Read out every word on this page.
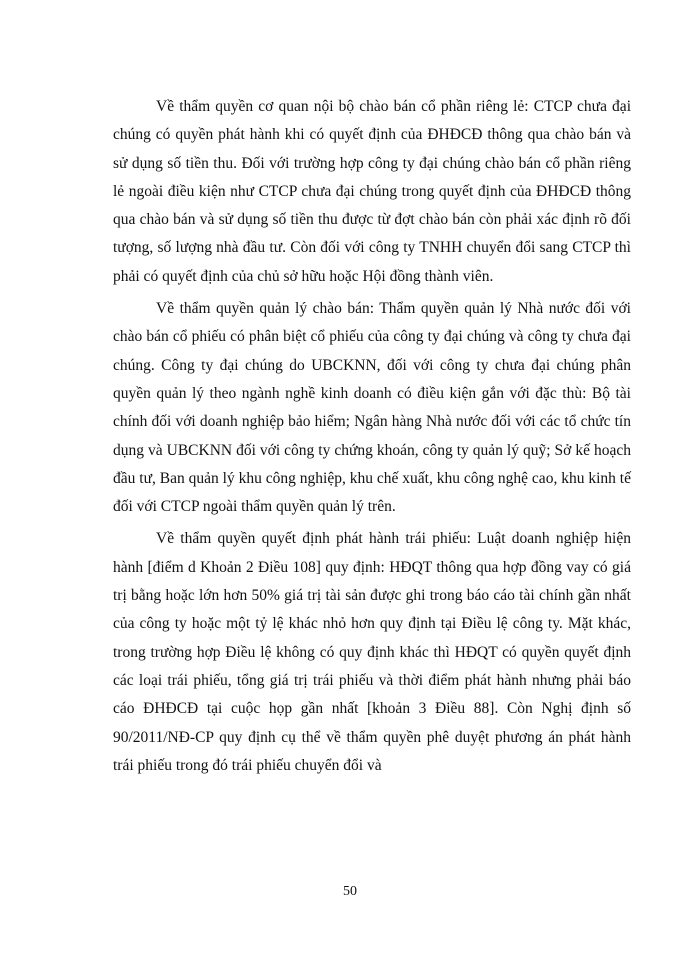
Về thẩm quyền cơ quan nội bộ chào bán cổ phần riêng lẻ: CTCP chưa đại chúng có quyền phát hành khi có quyết định của ĐHĐCĐ thông qua chào bán và sử dụng số tiền thu. Đối với trường hợp công ty đại chúng chào bán cổ phần riêng lẻ ngoài điều kiện như CTCP chưa đại chúng trong quyết định của ĐHĐCĐ thông qua chào bán và sử dụng số tiền thu được từ đợt chào bán còn phải xác định rõ đối tượng, số lượng nhà đầu tư. Còn đối với công ty TNHH chuyển đổi sang CTCP thì phải có quyết định của chủ sở hữu hoặc Hội đồng thành viên.

Về thẩm quyền quản lý chào bán: Thẩm quyền quản lý Nhà nước đối với chào bán cổ phiếu có phân biệt cổ phiếu của công ty đại chúng và công ty chưa đại chúng. Công ty đại chúng do UBCKNN, đối với công ty chưa đại chúng phân quyền quản lý theo ngành nghề kinh doanh có điều kiện gắn với đặc thù: Bộ tài chính đối với doanh nghiệp bảo hiểm; Ngân hàng Nhà nước đối với các tổ chức tín dụng và UBCKNN đối với công ty chứng khoán, công ty quản lý quỹ; Sở kế hoạch đầu tư, Ban quản lý khu công nghiệp, khu chế xuất, khu công nghệ cao, khu kinh tế đối với CTCP ngoài thẩm quyền quản lý trên.

Về thẩm quyền quyết định phát hành trái phiếu: Luật doanh nghiệp hiện hành [điểm d Khoản 2 Điều 108] quy định: HĐQT thông qua hợp đồng vay có giá trị bằng hoặc lớn hơn 50% giá trị tài sản được ghi trong báo cáo tài chính gần nhất của công ty hoặc một tỷ lệ khác nhỏ hơn quy định tại Điều lệ công ty. Mặt khác, trong trường hợp Điều lệ không có quy định khác thì HĐQT có quyền quyết định các loại trái phiếu, tổng giá trị trái phiếu và thời điểm phát hành nhưng phải báo cáo ĐHĐCĐ tại cuộc họp gần nhất [khoản 3 Điều 88]. Còn Nghị định số 90/2011/NĐ-CP quy định cụ thể về thẩm quyền phê duyệt phương án phát hành trái phiếu trong đó trái phiếu chuyển đổi và

50
